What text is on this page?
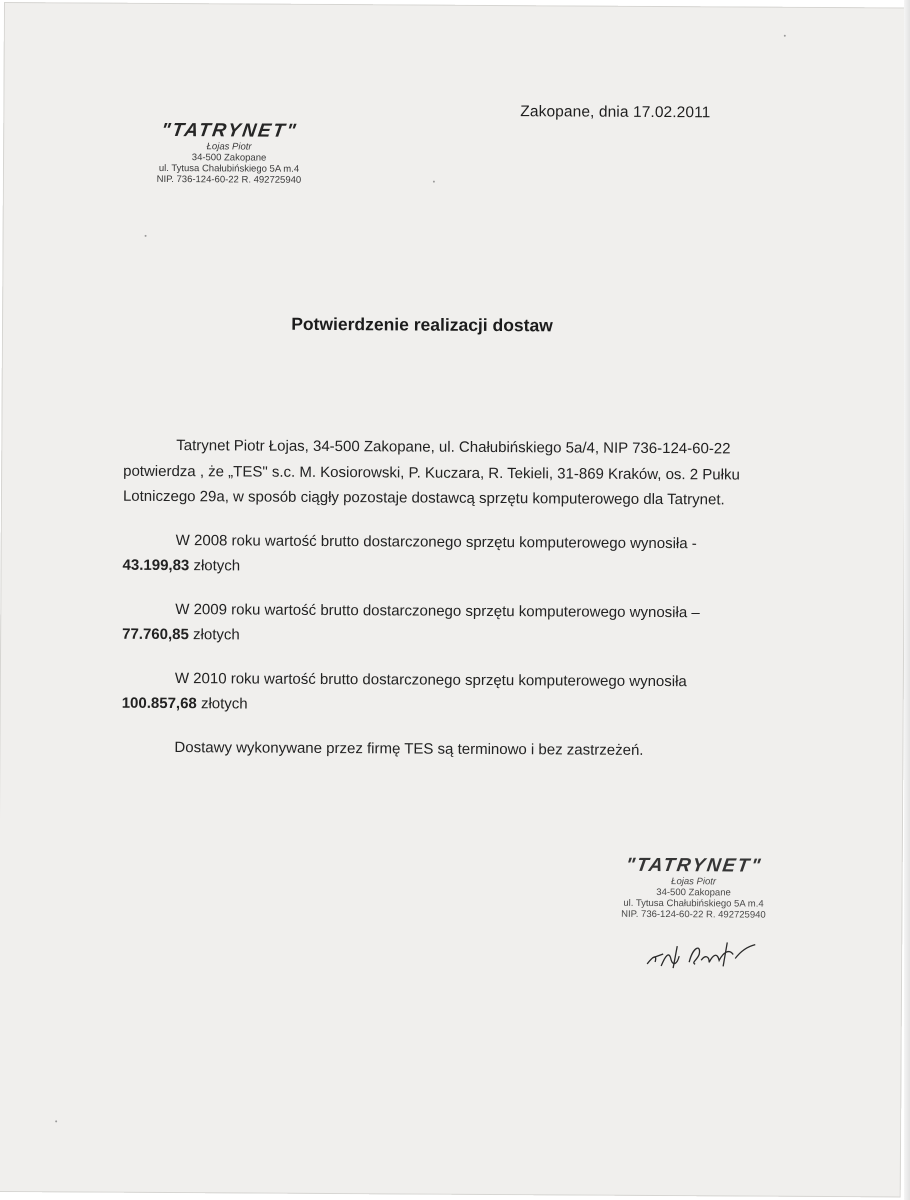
Zakopane, dnia 17.02.2011
"TATRYNET"
Łojas Piotr
34-500 Zakopane
ul. Tytusa Chałubińskiego 5A m.4
NIP. 736-124-60-22 R. 492725940
Potwierdzenie realizacji dostaw

Tatrynet Piotr Łojas, 34-500 Zakopane, ul. Chałubińskiego 5a/4, NIP 736-124-60-22 potwierdza , że „TES" s.c. M. Kosiorowski, P. Kuczara, R. Tekieli, 31-869 Kraków, os. 2 Pułku Lotniczego 29a, w sposób ciągły pozostaje dostawcą sprzętu komputerowego dla Tatrynet.

W 2008 roku wartość brutto dostarczonego sprzętu komputerowego wynosiła -
43.199,83 złotych

W 2009 roku wartość brutto dostarczonego sprzętu komputerowego wynosiła –
77.760,85 złotych

W 2010 roku wartość brutto dostarczonego sprzętu komputerowego wynosiła
100.857,68 złotych

Dostawy wykonywane przez firmę TES są terminowo i bez zastrzeżeń.

"TATRYNET"
Łojas Piotr
34-500 Zakopane
ul. Tytusa Chałubińskiego 5A m.4
NIP. 736-124-60-22 R. 492725940
